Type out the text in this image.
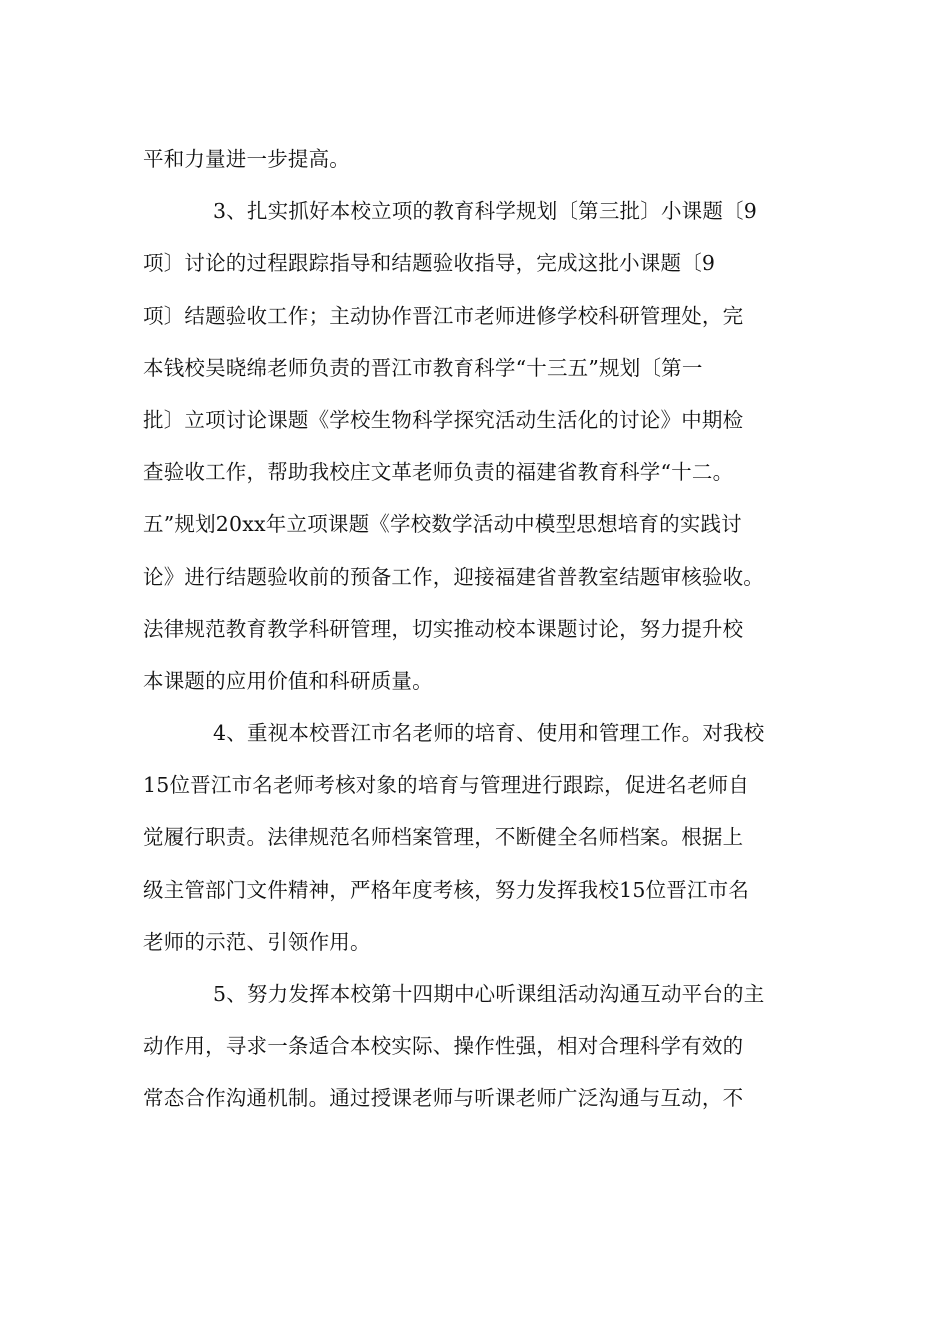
平和力量进一步提高。
3、扎实抓好本校立项的教育科学规划〔第三批〕小课题〔9
项〕讨论的过程跟踪指导和结题验收指导，完成这批小课题〔9
项〕结题验收工作；主动协作晋江市老师进修学校科研管理处，完
本钱校吴晓绵老师负责的晋江市教育科学“十三五”规划〔第一
批〕立项讨论课题《学校生物科学探究活动生活化的讨论》中期检
查验收工作，帮助我校庄文革老师负责的福建省教育科学“十二。
五”规划20xx年立项课题《学校数学活动中模型思想培育的实践讨
论》进行结题验收前的预备工作，迎接福建省普教室结题审核验收。
法律规范教育教学科研管理，切实推动校本课题讨论，努力提升校
本课题的应用价值和科研质量。
4、重视本校晋江市名老师的培育、使用和管理工作。对我校
15位晋江市名老师考核对象的培育与管理进行跟踪，促进名老师自
觉履行职责。法律规范名师档案管理，不断健全名师档案。根据上
级主管部门文件精神，严格年度考核，努力发挥我校15位晋江市名
老师的示范、引领作用。
5、努力发挥本校第十四期中心听课组活动沟通互动平台的主
动作用，寻求一条适合本校实际、操作性强，相对合理科学有效的
常态合作沟通机制。通过授课老师与听课老师广泛沟通与互动，不
